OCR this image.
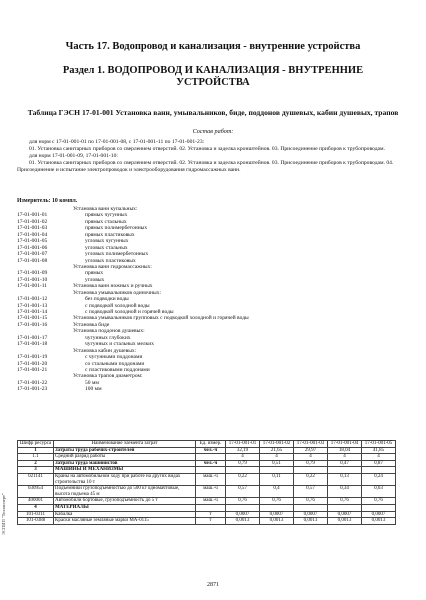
Часть 17. Водопровод и канализация - внутренние устройства
Раздел 1. ВОДОПРОВОД И КАНАЛИЗАЦИЯ - ВНУТРЕННИЕ УСТРОЙСТВА
Таблица ГЭСН 17-01-001 Установка ванн, умывальников, биде, поддонов душевых, кабин душевых, трапов
Состав работ:

для норм с 17-01-001-01 по 17-01-001-08, с 17-01-001-11 по 17-01-001-23:

01. Установка санитарных приборов со сверлением отверстий. 02. Установка и заделка кронштейнов. 03. Присоединение приборов к трубопроводам.

для норм 17-01-001-09, 17-01-001-10:

01. Установка санитарных приборов со сверлением отверстий. 02. Установка и заделка кронштейнов. 03. Присоединение приборов к трубопроводам. 04. Присоединение и испытание электропроводок и электрооборудования гидромассажных ванн.

Измеритель: 10 компл.
Установка ванн купальных:
17-01-001-01	прямых чугунных
17-01-001-02	прямых стальных
17-01-001-03	прямых полимербетонных
17-01-001-04	прямых пластиковых
17-01-001-05	угловых чугунных
17-01-001-06	угловых стальных
17-01-001-07	угловых полимербетонных
17-01-001-08	угловых пластиковых
Установка ванн гидромассажных:
17-01-001-09	прямых
17-01-001-10	угловых
17-01-001-11	Установка ванн ножных и ручных
Установка умывальников одиночных:
17-01-001-12	без подводки воды
17-01-001-13	с подводкой холодной воды
17-01-001-14	с подводкой холодной и горячей воды
17-01-001-15	Установка умывальников групповых с подводкой холодной и горячей воды
17-01-001-16	Установка биде
Установка поддонов душевых:
17-01-001-17	чугунных глубоких
17-01-001-18	чугунных и стальных мелких
Установка кабин душевых:
17-01-001-19	с чугунными поддонами
17-01-001-20	со стальными поддонами
17-01-001-21	с пластиковыми поддонами
Установка трапов диаметром:
17-01-001-22	50 мм
17-01-001-23	100 мм
Шифр ресурса	Наименование элемента затрат	Ед. измер.	17-01-001-01	17-01-001-02	17-01-001-03	17-01-001-04	17-01-001-05
1	Затраты труда рабочих-строителей	чел.-ч	32,19	21,65	29,97	18,04	41,85
1.1	Средний разряд работы		4	4	4	4	4
2	Затраты труда машинистов	чел.-ч	0,79	0,51	0,79	0,47	0,87
3	МАШИНЫ И МЕХАНИЗМЫ						
021141	Краны на автомобильном ходу при работе на других видах строительства 10 т	маш.-ч	0,22	0,11	0,22	0,13	0,24
030954	Подъемники грузоподъемностью до 500 кг одномачтовые, высота подъема 45 м	маш.-ч	0,57	0,4	0,57	0,34	0,63
400001	Автомобили бортовые, грузоподъемность до 5 т	маш.-ч	0,76	0,76	0,76	0,76	0,76
4	МАТЕРИАЛЫ						
101-0311	Кабалка	т	0,0007	0,0007	0,0007	0,0007	0,0007
101-0388	Краски масляные земляные марки МА-0115	т	0,0013	0,0013	0,0013	0,0013	0,0013
ЭСПИП "Техэксперт"
2871
